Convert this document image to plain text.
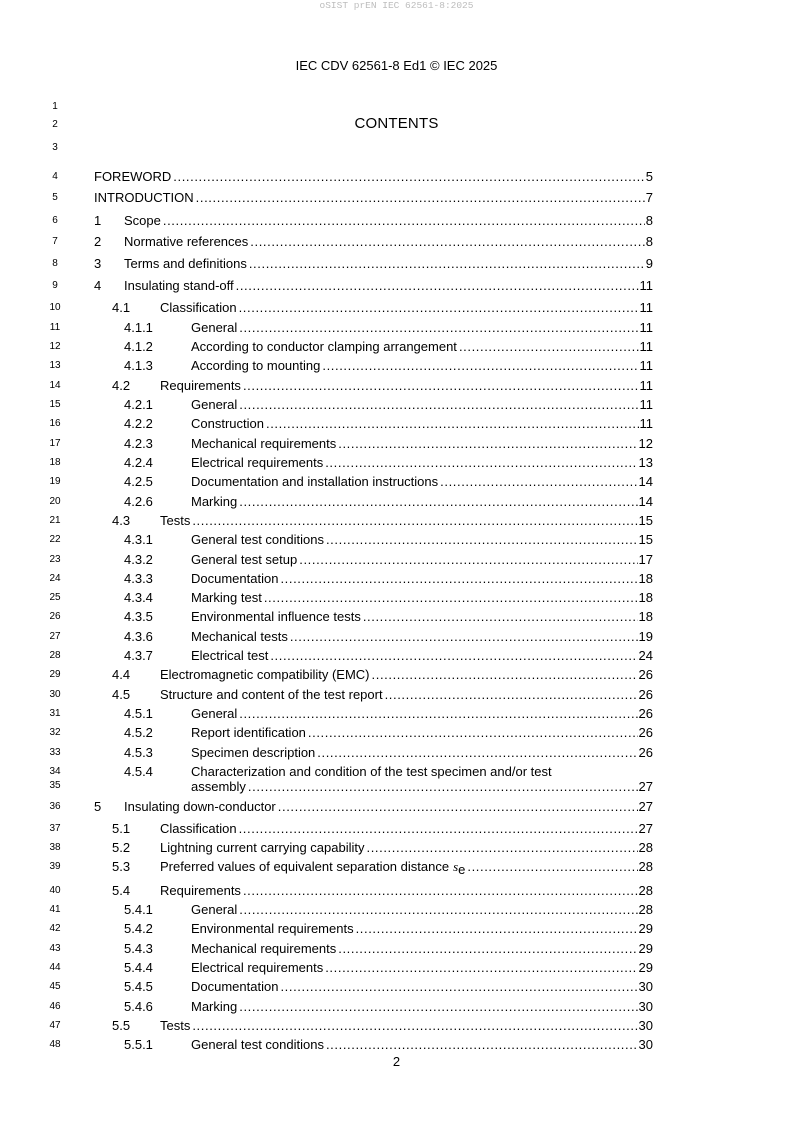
oSIST prEN IEC 62561-8:2025
IEC CDV 62561-8 Ed1 © IEC 2025
1
2
3
4
5
6
7
8
9
10
11
12
13
14
15
16
17
18
19
20
21
22
23
24
25
26
27
28
29
30
31
32
33
34
35
36
37
38
39
40
41
42
43
44
45
46
47
48
CONTENTS
FOREWORD .....	5
INTRODUCTION .....	7
1	Scope .....	8
2	Normative references .....	8
3	Terms and definitions .....	9
4	Insulating stand-off .....	11
4.1	Classification .....	11
4.1.1	General .....	11
4.1.2	According to conductor clamping arrangement .....	11
4.1.3	According to mounting .....	11
4.2	Requirements .....	11
4.2.1	General .....	11
4.2.2	Construction .....	11
4.2.3	Mechanical requirements .....	12
4.2.4	Electrical requirements .....	13
4.2.5	Documentation and installation instructions .....	14
4.2.6	Marking .....	14
4.3	Tests .....	15
4.3.1	General test conditions .....	15
4.3.2	General test setup .....	17
4.3.3	Documentation .....	18
4.3.4	Marking test .....	18
4.3.5	Environmental influence tests .....	18
4.3.6	Mechanical tests .....	19
4.3.7	Electrical test .....	24
4.4	Electromagnetic compatibility (EMC) .....	26
4.5	Structure and content of the test report .....	26
4.5.1	General .....	26
4.5.2	Report identification .....	26
4.5.3	Specimen description .....	26
4.5.4	Characterization and condition of the test specimen and/or test
assembly .....	27
5	Insulating down-conductor .....	27
5.1	Classification .....	27
5.2	Lightning current carrying capability .....	28
5.3	Preferred values of equivalent separation distance $s_e$ .....	28
5.4	Requirements .....	28
5.4.1	General .....	28
5.4.2	Environmental requirements .....	29
5.4.3	Mechanical requirements .....	29
5.4.4	Electrical requirements .....	29
5.4.5	Documentation .....	30
5.4.6	Marking .....	30
5.5	Tests .....	30
5.5.1	General test conditions .....	30
2
